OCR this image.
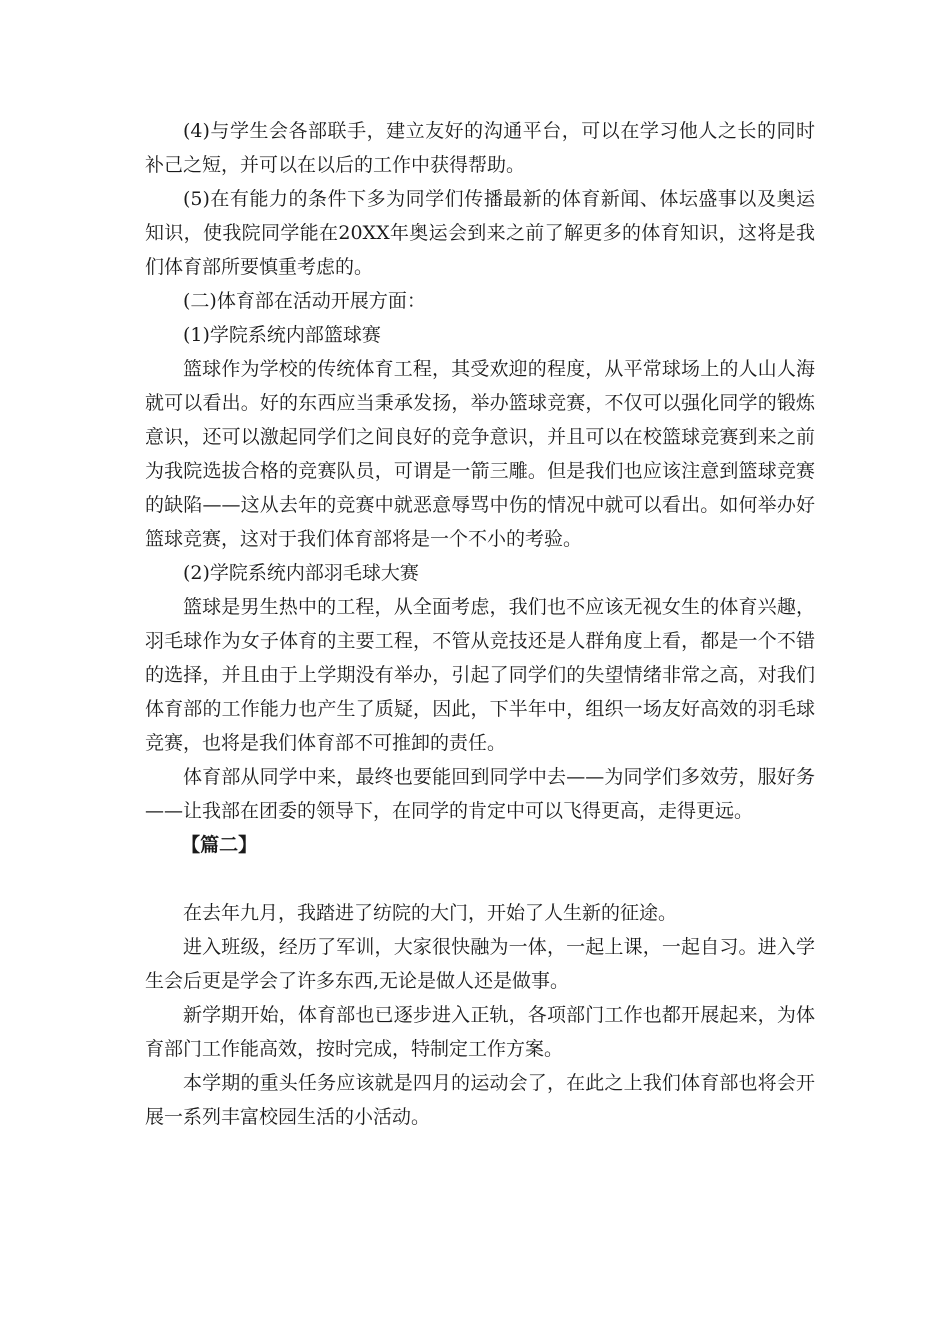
(4)与学生会各部联手，建立友好的沟通平台，可以在学习他人之长的同时补己之短，并可以在以后的工作中获得帮助。

(5)在有能力的条件下多为同学们传播最新的体育新闻、体坛盛事以及奥运知识，使我院同学能在20XX年奥运会到来之前了解更多的体育知识，这将是我们体育部所要慎重考虑的。

(二)体育部在活动开展方面：

(1)学院系统内部篮球赛

篮球作为学校的传统体育工程，其受欢迎的程度，从平常球场上的人山人海就可以看出。好的东西应当秉承发扬，举办篮球竞赛，不仅可以强化同学的锻炼意识，还可以激起同学们之间良好的竞争意识，并且可以在校篮球竞赛到来之前为我院选拔合格的竞赛队员，可谓是一箭三雕。但是我们也应该注意到篮球竞赛的缺陷——这从去年的竞赛中就恶意辱骂中伤的情况中就可以看出。如何举办好篮球竞赛，这对于我们体育部将是一个不小的考验。

(2)学院系统内部羽毛球大赛

篮球是男生热中的工程，从全面考虑，我们也不应该无视女生的体育兴趣，羽毛球作为女子体育的主要工程，不管从竞技还是人群角度上看，都是一个不错的选择，并且由于上学期没有举办，引起了同学们的失望情绪非常之高，对我们体育部的工作能力也产生了质疑，因此，下半年中，组织一场友好高效的羽毛球竞赛，也将是我们体育部不可推卸的责任。

体育部从同学中来，最终也要能回到同学中去——为同学们多效劳，服好务——让我部在团委的领导下，在同学的肯定中可以飞得更高，走得更远。

【篇二】

在去年九月，我踏进了纺院的大门，开始了人生新的征途。

进入班级，经历了军训，大家很快融为一体，一起上课，一起自习。进入学生会后更是学会了许多东西,无论是做人还是做事。

新学期开始，体育部也已逐步进入正轨，各项部门工作也都开展起来，为体育部门工作能高效，按时完成，特制定工作方案。

本学期的重头任务应该就是四月的运动会了，在此之上我们体育部也将会开展一系列丰富校园生活的小活动。
